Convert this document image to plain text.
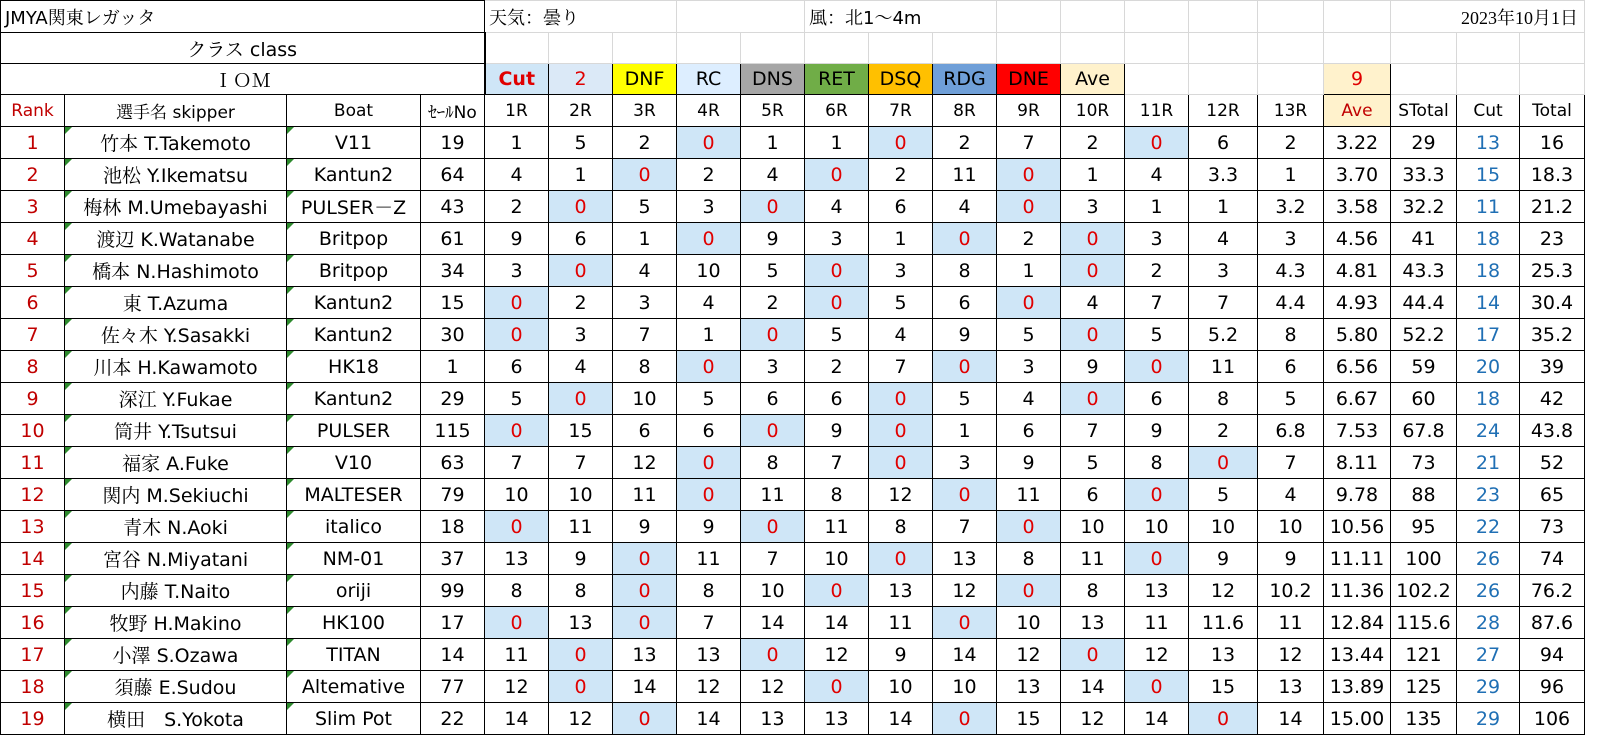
JMYA関東レガッタ				天気：曇り					風：北1〜4m									2023年10月1日		
クラス class																				
ＩＯＭ				Cut	2	DNF	RC	DNS	RET	DSQ	RDG	DNE	Ave				9			
Rank	選手名 skipper	Boat	ｾｰﾙNo	1R	2R	3R	4R	5R	6R	7R	8R	9R	10R	11R	12R	13R	Ave	STotal	Cut	Total
1	竹本 T.Takemoto	V11	19	1	5	2	0	1	1	0	2	7	2	0	6	2	3.22	29	13	16
2	池松 Y.Ikematsu	Kantun2	64	4	1	0	2	4	0	2	11	0	1	4	3.3	1	3.70	33.3	15	18.3
3	梅林 M.Umebayashi	PULSER－Z	43	2	0	5	3	0	4	6	4	0	3	1	1	3.2	3.58	32.2	11	21.2
4	渡辺 K.Watanabe	Britpop	61	9	6	1	0	9	3	1	0	2	0	3	4	3	4.56	41	18	23
5	橋本 N.Hashimoto	Britpop	34	3	0	4	10	5	0	3	8	1	0	2	3	4.3	4.81	43.3	18	25.3
6	東 T.Azuma	Kantun2	15	0	2	3	4	2	0	5	6	0	4	7	7	4.4	4.93	44.4	14	30.4
7	佐々木 Y.Sasakki	Kantun2	30	0	3	7	1	0	5	4	9	5	0	5	5.2	8	5.80	52.2	17	35.2
8	川本 H.Kawamoto	HK18	1	6	4	8	0	3	2	7	0	3	9	0	11	6	6.56	59	20	39
9	深江 Y.Fukae	Kantun2	29	5	0	10	5	6	6	0	5	4	0	6	8	5	6.67	60	18	42
10	筒井 Y.Tsutsui	PULSER	115	0	15	6	6	0	9	0	1	6	7	9	2	6.8	7.53	67.8	24	43.8
11	福家 A.Fuke	V10	63	7	7	12	0	8	7	0	3	9	5	8	0	7	8.11	73	21	52
12	関内 M.Sekiuchi	MALTESER	79	10	10	11	0	11	8	12	0	11	6	0	5	4	9.78	88	23	65
13	青木 N.Aoki	italico	18	0	11	9	9	0	11	8	7	0	10	10	10	10	10.56	95	22	73
14	宮谷 N.Miyatani	NM-01	37	13	9	0	11	7	10	0	13	8	11	0	9	9	11.11	100	26	74
15	内藤 T.Naito	oriji	99	8	8	0	8	10	0	13	12	0	8	13	12	10.2	11.36	102.2	26	76.2
16	牧野 H.Makino	HK100	17	0	13	0	7	14	14	11	0	10	13	11	11.6	11	12.84	115.6	28	87.6
17	小澤 S.Ozawa	TITAN	14	11	0	13	13	0	12	9	14	12	0	12	13	12	13.44	121	27	94
18	須藤 E.Sudou	Altemative	77	12	0	14	12	12	0	10	10	13	14	0	15	13	13.89	125	29	96
19	横田　S.Yokota	Slim Pot	22	14	12	0	14	13	13	14	0	15	12	14	0	14	15.00	135	29	106
